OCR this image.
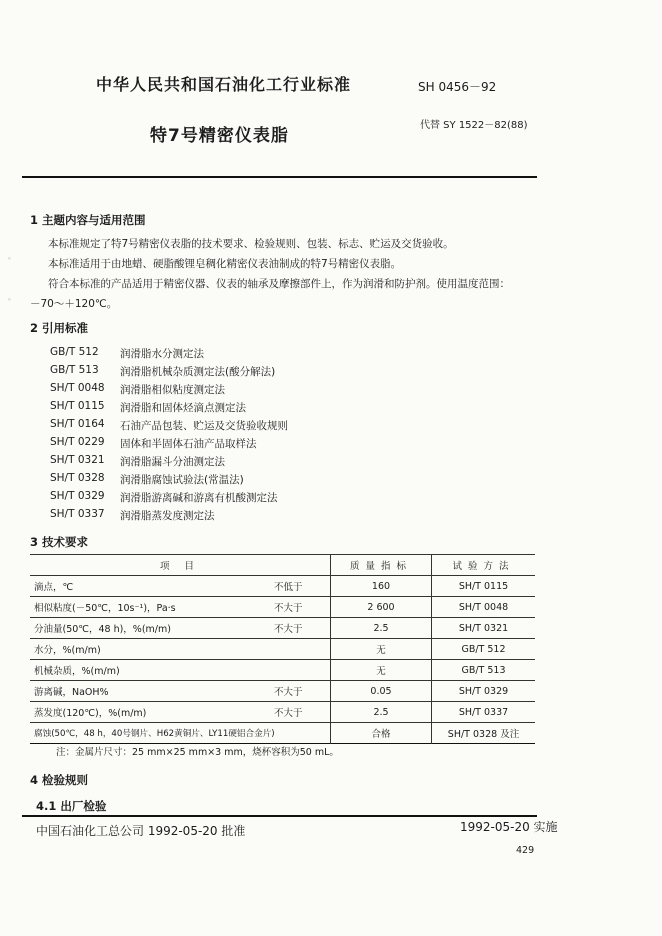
中华人民共和国石油化工行业标准	SH 0456－92
特7号精密仪表脂
代替 SY 1522－82(88)
ﾟ
ﾟ
1 主题内容与适用范围
本标准规定了特7号精密仪表脂的技术要求、检验规则、包装、标志、贮运及交货验收。
本标准适用于由地蜡、硬脂酸锂皂稠化精密仪表油制成的特7号精密仪表脂。
符合本标准的产品适用于精密仪器、仪表的轴承及摩擦部件上，作为润滑和防护剂。使用温度范围：
－70～＋120℃。
2 引用标准
GB/T 512 润滑脂水分测定法
GB/T 513 润滑脂机械杂质测定法(酸分解法)
SH/T 0048 润滑脂相似粘度测定法
SH/T 0115 润滑脂和固体烃滴点测定法
SH/T 0164 石油产品包装、贮运及交货验收规则
SH/T 0229 固体和半固体石油产品取样法
SH/T 0321 润滑脂漏斗分油测定法
SH/T 0328 润滑脂腐蚀试验法(常温法)
SH/T 0329 润滑脂游离碱和游离有机酸测定法
SH/T 0337 润滑脂蒸发度测定法
3 技术要求
项 目		质量指标	试验方法
滴点，℃	不低于	160	SH/T 0115
相似粘度(－50℃，10s⁻¹)，Pa·s	不大于	2 600	SH/T 0048
分油量(50℃，48 h)，%(m/m)	不大于	2.5	SH/T 0321
水分，%(m/m)		无	GB/T 512
机械杂质，%(m/m)		无	GB/T 513
游离碱，NaOH%	不大于	0.05	SH/T 0329
蒸发度(120℃)，%(m/m)	不大于	2.5	SH/T 0337
腐蚀(50℃，48 h，40号钢片、H62黄铜片、LY11硬铝合金片)		合格	SH/T 0328 及注
注：金属片尺寸：25 mm×25 mm×3 mm，烧杯容积为50 mL。
4 检验规则
4.1 出厂检验
中国石油化工总公司 1992-05-20 批准	1992-05-20 实施
429
